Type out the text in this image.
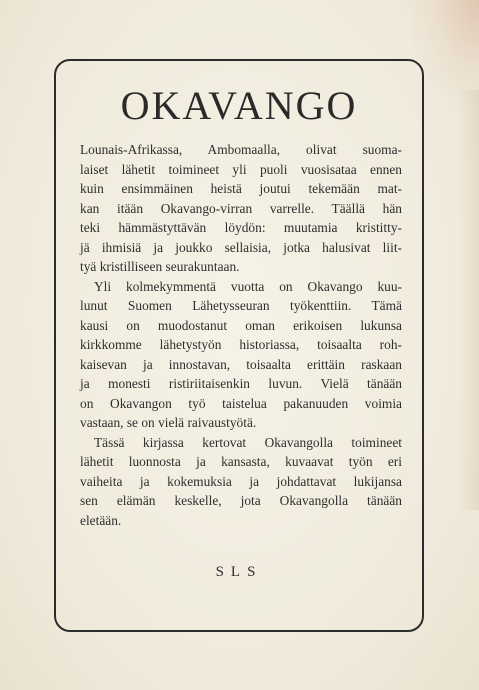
OKAVANGO
Lounais-Afrikassa, Ambomaalla, olivat suoma-
laiset lähetit toimineet yli puoli vuosisataa ennen
kuin ensimmäinen heistä joutui tekemään mat-
kan itään Okavango-virran varrelle. Täällä hän
teki hämmästyttävän löydön: muutamia kristitty-
jä ihmisiä ja joukko sellaisia, jotka halusivat liit-
tyä kristilliseen seurakuntaan.
Yli kolmekymmentä vuotta on Okavango kuu-
lunut Suomen Lähetysseuran työkenttiin. Tämä
kausi on muodostanut oman erikoisen lukunsa
kirkkomme lähetystyön historiassa, toisaalta roh-
kaisevan ja innostavan, toisaalta erittäin raskaan
ja monesti ristiriitaisenkin luvun. Vielä tänään
on Okavangon työ taistelua pakanuuden voimia
vastaan, se on vielä raivaustyötä.
Tässä kirjassa kertovat Okavangolla toimineet
lähetit luonnosta ja kansasta, kuvaavat työn eri
vaiheita ja kokemuksia ja johdattavat lukijansa
sen elämän keskelle, jota Okavangolla tänään
eletään.
SLS
